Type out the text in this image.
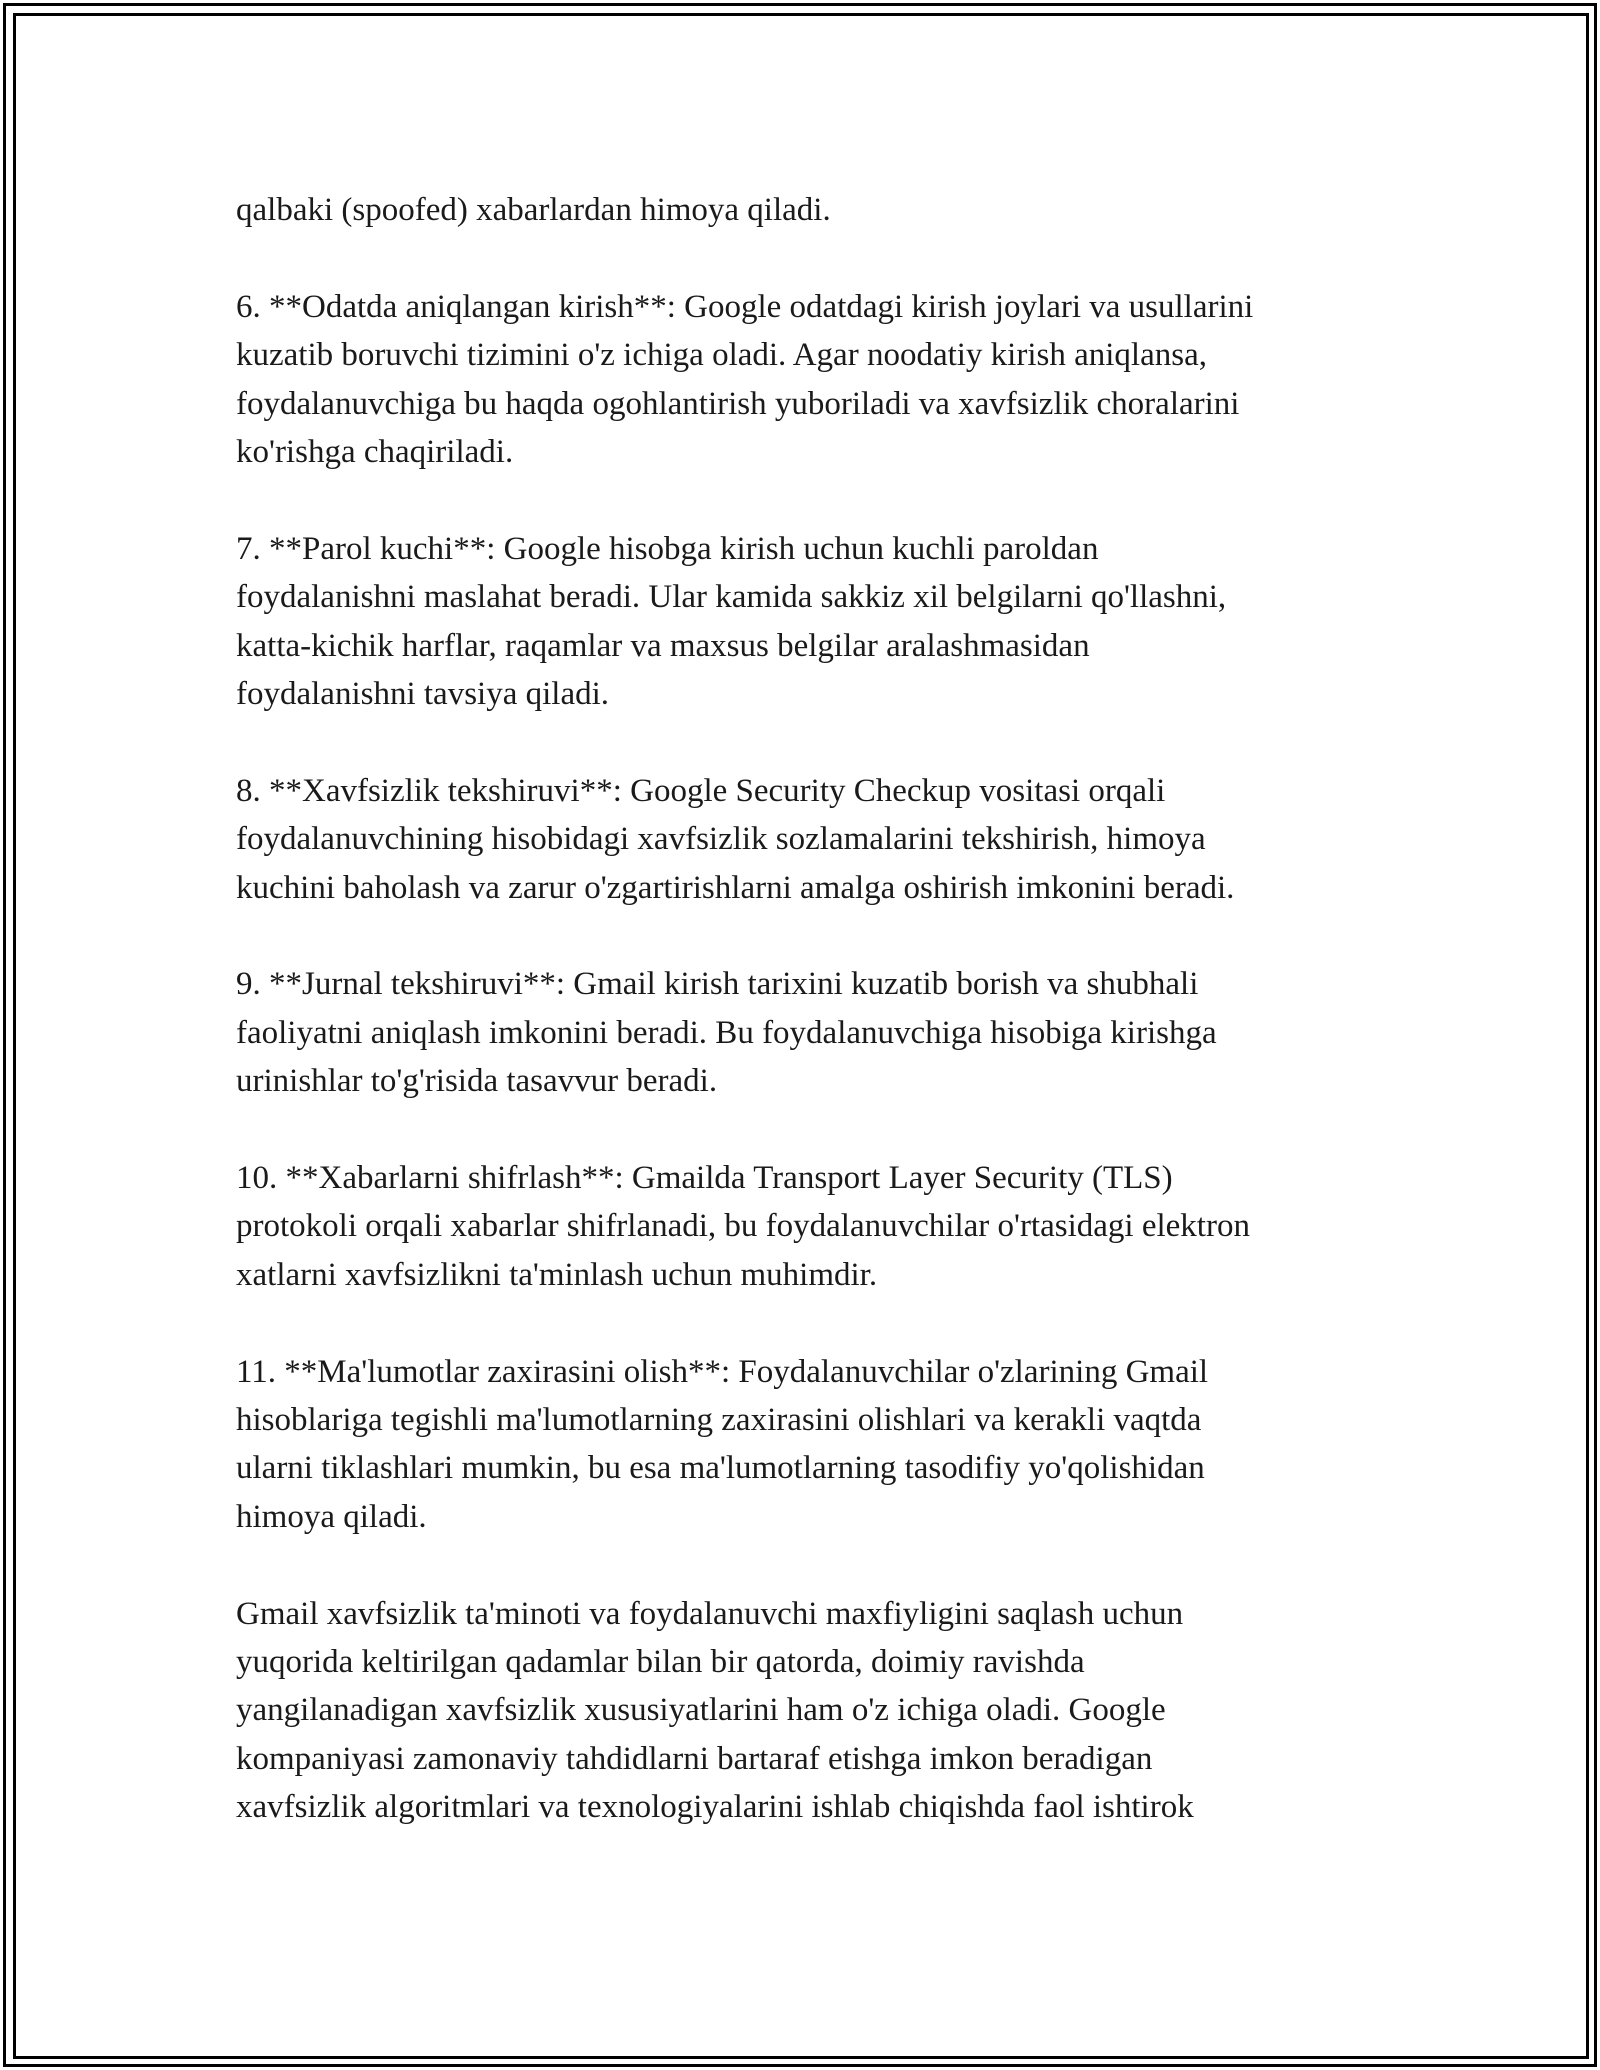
qalbaki (spoofed) xabarlardan himoya qiladi.

6. **Odatda aniqlangan kirish**: Google odatdagi kirish joylari va usullarini
kuzatib boruvchi tizimini o'z ichiga oladi. Agar noodatiy kirish aniqlansa,
foydalanuvchiga bu haqda ogohlantirish yuboriladi va xavfsizlik choralarini
ko'rishga chaqiriladi.

7. **Parol kuchi**: Google hisobga kirish uchun kuchli paroldan
foydalanishni maslahat beradi. Ular kamida sakkiz xil belgilarni qo'llashni,
katta-kichik harflar, raqamlar va maxsus belgilar aralashmasidan
foydalanishni tavsiya qiladi.

8. **Xavfsizlik tekshiruvi**: Google Security Checkup vositasi orqali
foydalanuvchining hisobidagi xavfsizlik sozlamalarini tekshirish, himoya
kuchini baholash va zarur o'zgartirishlarni amalga oshirish imkonini beradi.

9. **Jurnal tekshiruvi**: Gmail kirish tarixini kuzatib borish va shubhali
faoliyatni aniqlash imkonini beradi. Bu foydalanuvchiga hisobiga kirishga
urinishlar to'g'risida tasavvur beradi.

10. **Xabarlarni shifrlash**: Gmailda Transport Layer Security (TLS)
protokoli orqali xabarlar shifrlanadi, bu foydalanuvchilar o'rtasidagi elektron
xatlarni xavfsizlikni ta'minlash uchun muhimdir.

11. **Ma'lumotlar zaxirasini olish**: Foydalanuvchilar o'zlarining Gmail
hisoblariga tegishli ma'lumotlarning zaxirasini olishlari va kerakli vaqtda
ularni tiklashlari mumkin, bu esa ma'lumotlarning tasodifiy yo'qolishidan
himoya qiladi.

Gmail xavfsizlik ta'minoti va foydalanuvchi maxfiyligini saqlash uchun
yuqorida keltirilgan qadamlar bilan bir qatorda, doimiy ravishda
yangilanadigan xavfsizlik xususiyatlarini ham o'z ichiga oladi. Google
kompaniyasi zamonaviy tahdidlarni bartaraf etishga imkon beradigan
xavfsizlik algoritmlari va texnologiyalarini ishlab chiqishda faol ishtirok
